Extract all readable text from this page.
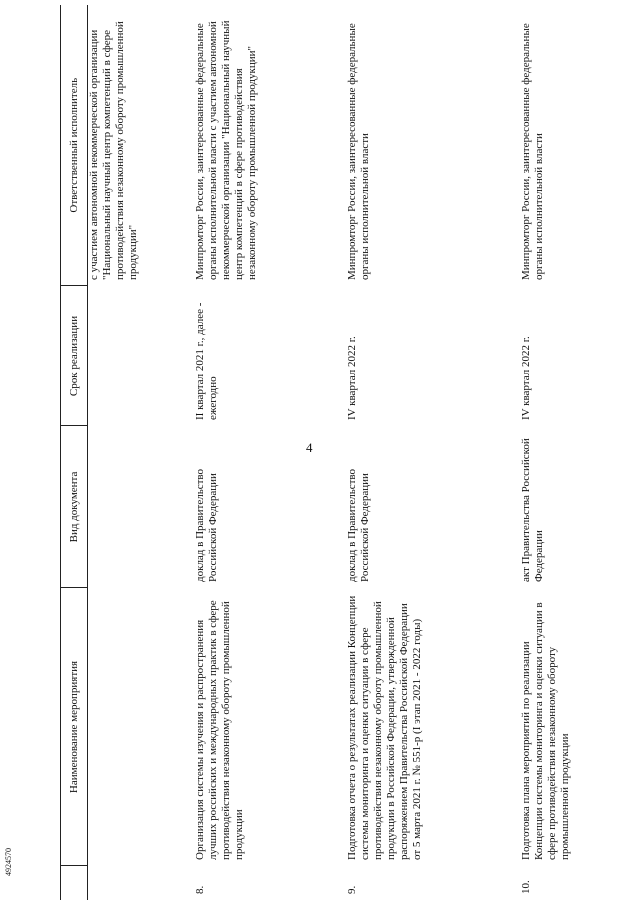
4
4924570
	Наименование мероприятия	Вид документа	Срок реализации	Ответственный исполнитель
				с участием автономной некоммерческой организации "Национальный научный центр компетенций в сфере противодействия незаконному обороту промышленной продукции"
8.	Организация системы изучения и распространения лучших российских и международных практик в сфере противодействия незаконному обороту промышленной продукции	доклад в Правительство Российской Федерации	II квартал 2021 г., далее - ежегодно	Минпромторг России, заинтересованные федеральные органы исполнительной власти с участием автономной некоммерческой организации "Национальный научный центр компетенций в сфере противодействия незаконному обороту промышленной продукции"
9.	Подготовка отчета о результатах реализации Концепции системы мониторинга и оценки ситуации в сфере противодействия незаконному обороту промышленной продукции в Российской Федерации, утвержденной распоряжением Правительства Российской Федерации от 5 марта 2021 г. № 551-р (I этап 2021 - 2022 годы)	доклад в Правительство Российской Федерации	IV квартал 2022 г.	Минпромторг России, заинтересованные федеральные органы исполнительной власти
10.	Подготовка плана мероприятий по реализации Концепции системы мониторинга и оценки ситуации в сфере противодействия незаконному обороту промышленной продукции	акт Правительства Российской Федерации	IV квартал 2022 г.	Минпромторг России, заинтересованные федеральные органы исполнительной власти
